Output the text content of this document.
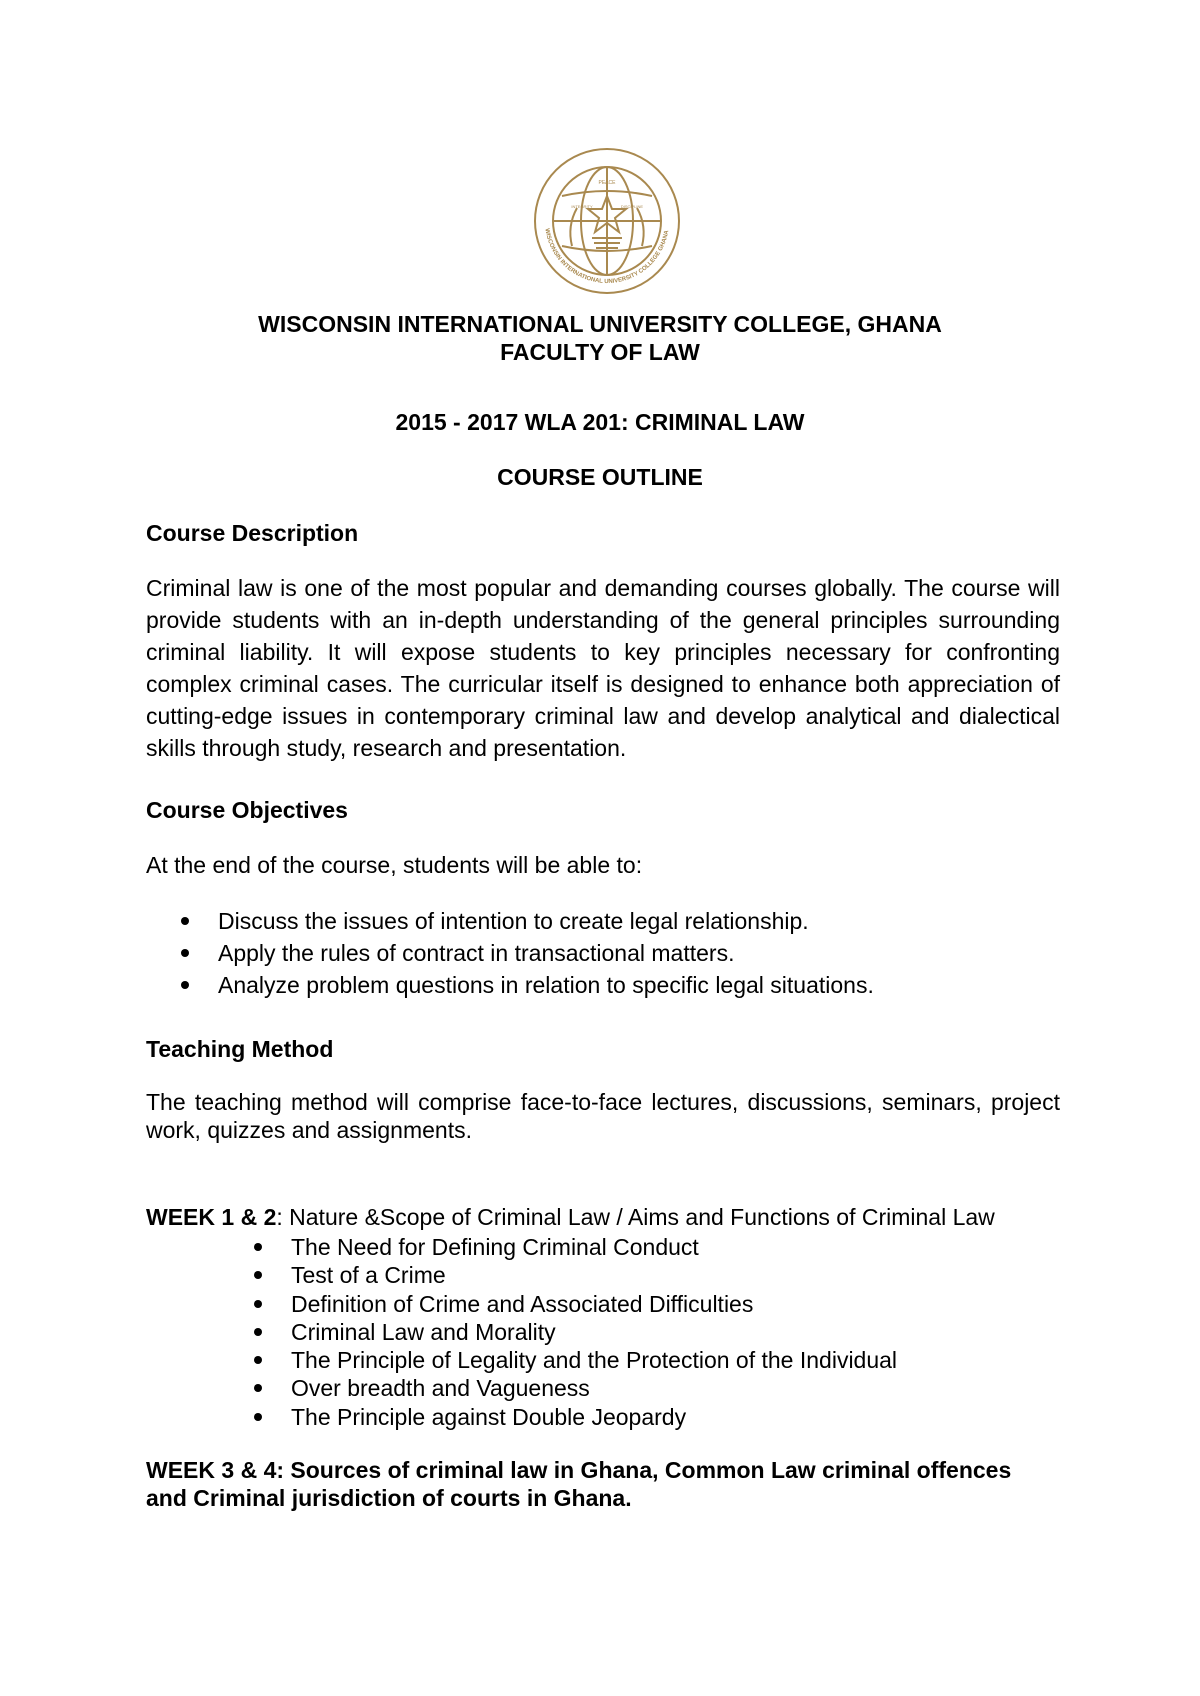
WISCONSIN INTERNATIONAL UNIVERSITY COLLEGE GHANA
PEACE
INTEGRITY	DISCIPLINE
WISCONSIN INTERNATIONAL UNIVERSITY COLLEGE, GHANA
FACULTY OF LAW
2015 - 2017 WLA 201: CRIMINAL LAW
COURSE OUTLINE
Course Description

Criminal law is one of the most popular and demanding courses globally. The course will provide students with an in-depth understanding of the general principles surrounding criminal liability. It will expose students to key principles necessary for confronting complex criminal cases. The curricular itself is designed to enhance both appreciation of cutting-edge issues in contemporary criminal law and develop analytical and dialectical skills through study, research and presentation.

Course Objectives
At the end of the course, students will be able to:
Discuss the issues of intention to create legal relationship.
Apply the rules of contract in transactional matters.
Analyze problem questions in relation to specific legal situations.
Teaching Method

The teaching method will comprise face-to-face lectures, discussions, seminars, project work, quizzes and assignments.

WEEK 1 & 2: Nature &Scope of Criminal Law / Aims and Functions of Criminal Law
The Need for Defining Criminal Conduct
Test of a Crime
Definition of Crime and Associated Difficulties
Criminal Law and Morality
The Principle of Legality and the Protection of the Individual
Over breadth and Vagueness
The Principle against Double Jeopardy
WEEK 3 & 4: Sources of criminal law in Ghana, Common Law criminal offences and Criminal jurisdiction of courts in Ghana.
